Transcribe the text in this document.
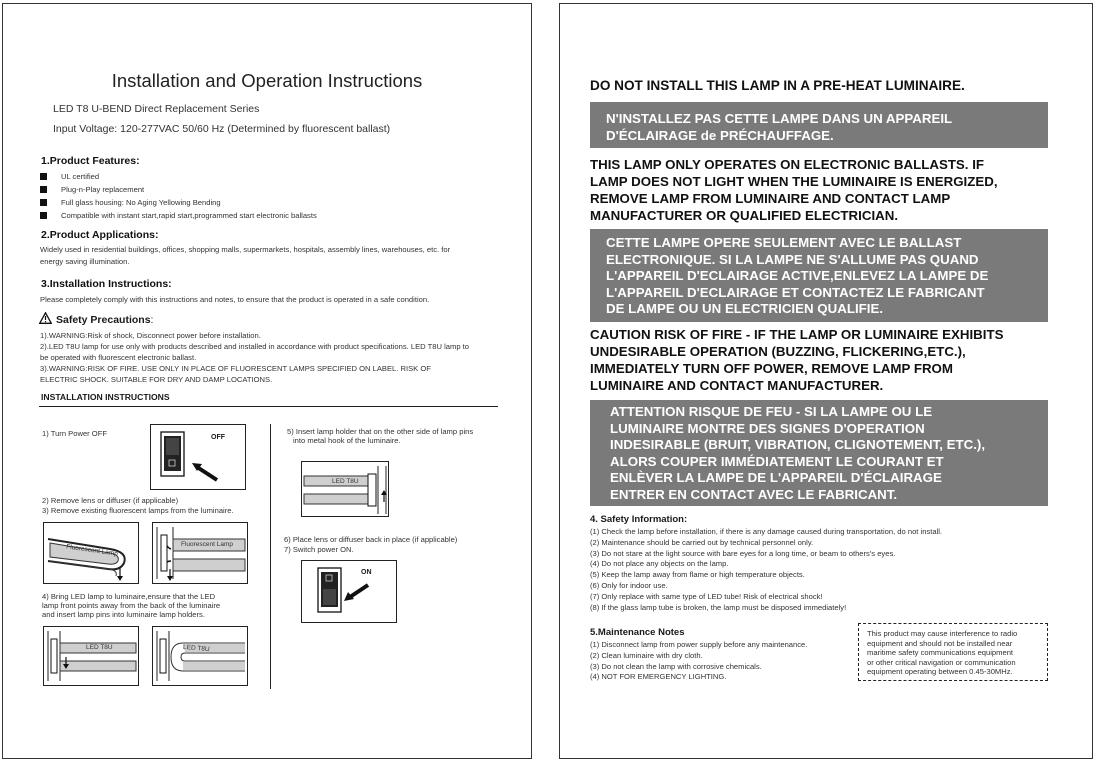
Installation and Operation Instructions
LED T8 U-BEND Direct Replacement Series
Input Voltage: 120-277VAC 50/60 Hz (Determined by fluorescent ballast)
1.Product Features:
UL certified
Plug-n-Play replacement
Full glass housing: No Aging Yellowing Bending
Compatible with instant start,rapid start,programmed start electronic ballasts
2.Product Applications:
Widely used in residential buildings, offices, shopping malls, supermarkets, hospitals, assembly lines, warehouses, etc. for
energy saving illumination.
3.Installation Instructions:
Please completely comply with this instructions and notes, to ensure that the product is operated in a safe condition.
Safety Precautions:
1).WARNING:Risk of shock, Disconnect power before installation.
2).LED T8U lamp for use only with products described and installed in accordance with product specifications. LED T8U lamp to
be operated with fluorescent electronic ballast.
3).WARNING:RISK OF FIRE. USE ONLY IN PLACE OF FLUORESCENT LAMPS SPECIFIED ON LABEL. RISK OF
ELECTRIC SHOCK. SUITABLE FOR DRY AND DAMP LOCATIONS.
INSTALLATION INSTRUCTIONS
1) Turn Power OFF	OFF
2) Remove lens or diffuser (if applicable)
3) Remove existing fluorescent lamps from the luminaire.
Fluorescent Lamp	Fluorescent Lamp
4) Bring LED lamp to luminaire,ensure that the LED
lamp front points away from the back of the luminaire
and insert lamp pins into luminaire lamp holders.
LED T8U	LED T8U
5) Insert lamp holder that on the other side of lamp pins
into metal hook of the luminaire.
LED T8U
6) Place lens or diffuser back in place (if applicable)
7) Switch power ON.
ON
DO NOT INSTALL THIS LAMP IN A PRE-HEAT LUMINAIRE.
N'INSTALLEZ PAS CETTE LAMPE DANS UN APPAREIL
D'ÉCLAIRAGE de PRÉCHAUFFAGE.
THIS LAMP ONLY OPERATES ON ELECTRONIC BALLASTS. IF
LAMP DOES NOT LIGHT WHEN THE LUMINAIRE IS ENERGIZED,
REMOVE LAMP FROM LUMINAIRE AND CONTACT LAMP
MANUFACTURER OR QUALIFIED ELECTRICIAN.
CETTE LAMPE OPERE SEULEMENT AVEC LE BALLAST
ELECTRONIQUE. SI LA LAMPE NE S'ALLUME PAS QUAND
L'APPAREIL D'ECLAIRAGE ACTIVE,ENLEVEZ LA LAMPE DE
L'APPAREIL D'ECLAIRAGE ET CONTACTEZ LE FABRICANT
DE LAMPE OU UN ELECTRICIEN QUALIFIE.
CAUTION RISK OF FIRE - IF THE LAMP OR LUMINAIRE EXHIBITS
UNDESIRABLE OPERATION (BUZZING, FLICKERING,ETC.),
IMMEDIATELY TURN OFF POWER, REMOVE LAMP FROM
LUMINAIRE AND CONTACT MANUFACTURER.
ATTENTION RISQUE DE FEU - SI LA LAMPE OU LE
LUMINAIRE MONTRE DES SIGNES D'OPERATION
INDESIRABLE (BRUIT, VIBRATION, CLIGNOTEMENT, ETC.),
ALORS COUPER IMMÉDIATEMENT LE COURANT ET
ENLÈVER LA LAMPE DE L'APPAREIL D'ÉCLAIRAGE
ENTRER EN CONTACT AVEC LE FABRICANT.
4. Safety Information:
(1) Check the lamp before installation, if there is any damage caused during transportation, do not install.
(2) Maintenance should be carried out by technical personnel only.
(3) Do not stare at the light source with bare eyes for a long time, or beam to others's eyes.
(4) Do not place any objects on the lamp.
(5) Keep the lamp away from flame or high temperature objects.
(6) Only for indoor use.
(7) Only replace with same type of LED tube! Risk of electrical shock!
(8) If the glass lamp tube is broken, the lamp must be disposed immediately!
5.Maintenance Notes
(1) Disconnect lamp from power supply before any maintenance.
(2) Clean luminaire with dry cloth.
(3) Do not clean the lamp with corrosive chemicals.
(4) NOT FOR EMERGENCY LIGHTING.
This product may cause interference to radio
equipment and should not be installed near
maritime safety communications equipment
or other critical navigation or communication
equipment operating between 0.45-30MHz.
